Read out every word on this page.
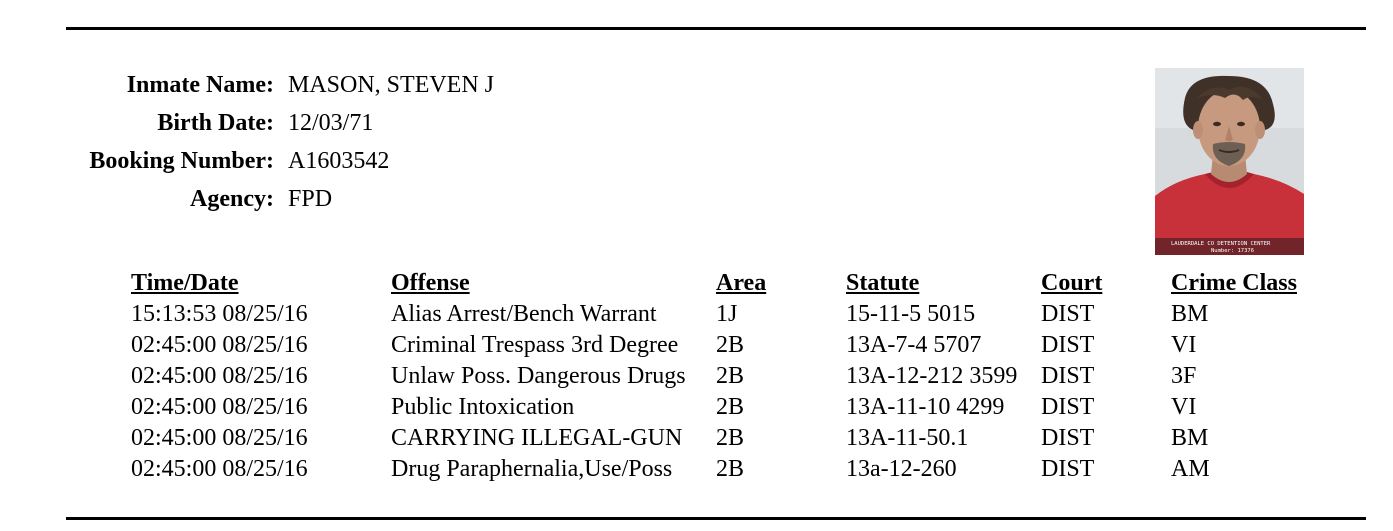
Inmate Name:	MASON, STEVEN J
Birth Date:	12/03/71
Booking Number:	A1603542
Agency:	FPD
LAUDERDALE CO DETENTION CENTER
Number: 17376
Time/Date	Offense	Area	Statute	Court	Crime Class
15:13:53 08/25/16	Alias Arrest/Bench Warrant	1J	15-11-5 5015	DIST	BM
02:45:00 08/25/16	Criminal Trespass 3rd Degree	2B	13A-7-4 5707	DIST	VI
02:45:00 08/25/16	Unlaw Poss. Dangerous Drugs	2B	13A-12-212 3599	DIST	3F
02:45:00 08/25/16	Public Intoxication	2B	13A-11-10 4299	DIST	VI
02:45:00 08/25/16	CARRYING ILLEGAL-GUN	2B	13A-11-50.1	DIST	BM
02:45:00 08/25/16	Drug Paraphernalia,Use/Poss	2B	13a-12-260	DIST	AM
